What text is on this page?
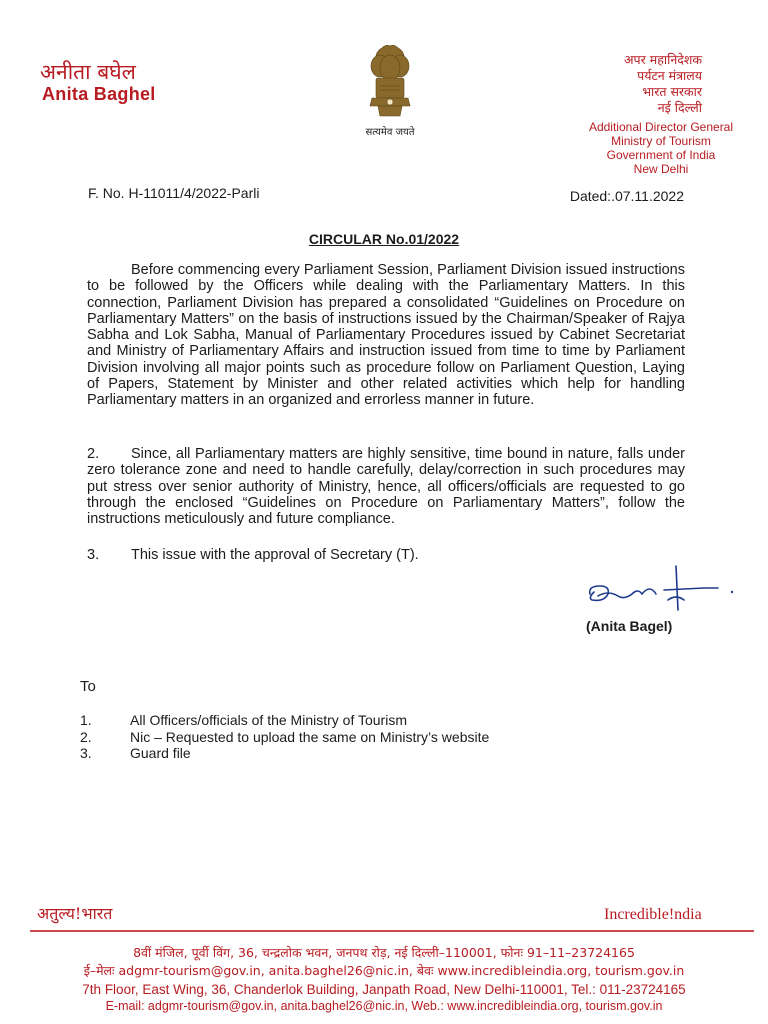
अनीता बघेल
Anita Baghel
सत्यमेव जयते
अपर महानिदेशक
पर्यटन मंत्रालय
भारत सरकार
नई दिल्ली
Additional Director General
Ministry of Tourism
Government of India
New Delhi
F. No. H-11011/4/2022-Parli	Dated:.07.11.2022
CIRCULAR No.01/2022
Before commencing every Parliament Session, Parliament Division issued instructions to be followed by the Officers while dealing with the Parliamentary Matters. In this connection, Parliament Division has prepared a consolidated “Guidelines on Procedure on Parliamentary Matters” on the basis of instructions issued by the Chairman/Speaker of Rajya Sabha and Lok Sabha, Manual of Parliamentary Procedures issued by Cabinet Secretariat and Ministry of Parliamentary Affairs and instruction issued from time to time by Parliament Division involving all major points such as procedure follow on Parliament Question, Laying of Papers, Statement by Minister and other related activities which help for handling Parliamentary matters in an organized and errorless manner in future.
2. Since, all Parliamentary matters are highly sensitive, time bound in nature, falls under zero tolerance zone and need to handle carefully, delay/correction in such procedures may put stress over senior authority of Ministry, hence, all officers/officials are requested to go through the enclosed “Guidelines on Procedure on Parliamentary Matters”, follow the instructions meticulously and future compliance.
3. This issue with the approval of Secretary (T).
(Anita Bagel)
To
1.	All Officers/officials of the Ministry of Tourism
2.	Nic – Requested to upload the same on Ministry’s website
3.	Guard file
अतुल्य!भारत	Incredible!ndia
8वीं मंजिल, पूर्वी विंग, 36, चन्द्रलोक भवन, जनपथ रोड़, नई दिल्ली–110001, फोनः 91–11–23724165
ई–मेलः adgmr-tourism@gov.in, anita.baghel26@nic.in, बेवः www.incredibleindia.org, tourism.gov.in
7th Floor, East Wing, 36, Chanderlok Building, Janpath Road, New Delhi-110001, Tel.: 011-23724165
E-mail: adgmr-tourism@gov.in, anita.baghel26@nic.in, Web.: www.incredibleindia.org, tourism.gov.in
